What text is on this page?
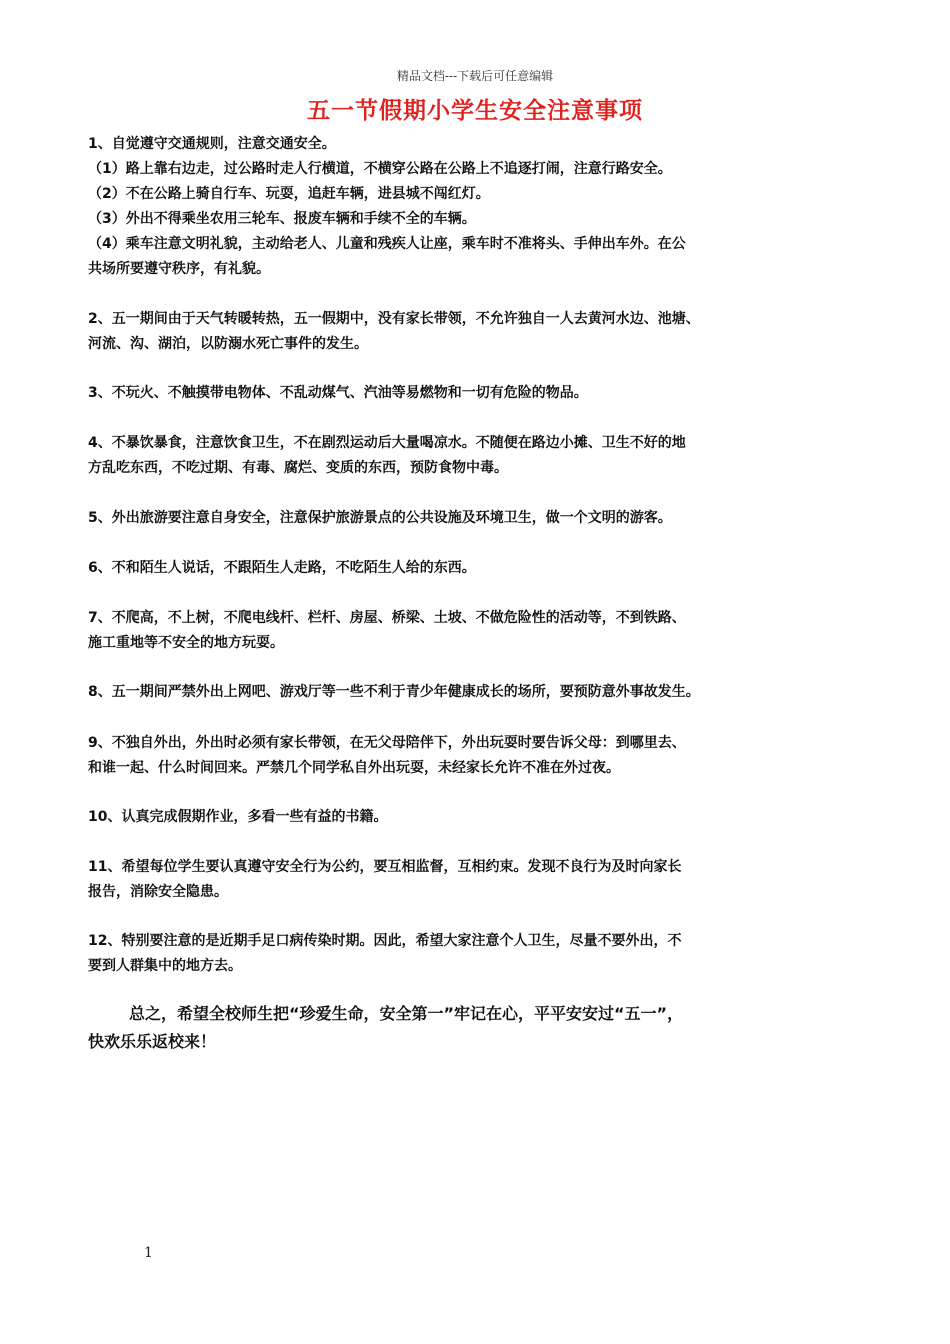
精品文档---下载后可任意编辑
五一节假期小学生安全注意事项

1、自觉遵守交通规则，注意交通安全。

（1）路上靠右边走，过公路时走人行横道，不横穿公路在公路上不追逐打闹，注意行路安全。

（2）不在公路上骑自行车、玩耍，追赶车辆，进县城不闯红灯。

（3）外出不得乘坐农用三轮车、报废车辆和手续不全的车辆。

（4）乘车注意文明礼貌，主动给老人、儿童和残疾人让座，乘车时不准将头、手伸出车外。在公

共场所要遵守秩序，有礼貌。

2、五一期间由于天气转暖转热，五一假期中，没有家长带领，不允许独自一人去黄河水边、池塘、

河流、沟、湖泊，以防溺水死亡事件的发生。

3、不玩火、不触摸带电物体、不乱动煤气、汽油等易燃物和一切有危险的物品。

4、不暴饮暴食，注意饮食卫生，不在剧烈运动后大量喝凉水。不随便在路边小摊、卫生不好的地

方乱吃东西，不吃过期、有毒、腐烂、变质的东西，预防食物中毒。

5、外出旅游要注意自身安全，注意保护旅游景点的公共设施及环境卫生，做一个文明的游客。

6、不和陌生人说话，不跟陌生人走路，不吃陌生人给的东西。

7、不爬高，不上树，不爬电线杆、栏杆、房屋、桥梁、土坡、不做危险性的活动等，不到铁路、

施工重地等不安全的地方玩耍。

8、五一期间严禁外出上网吧、游戏厅等一些不利于青少年健康成长的场所，要预防意外事故发生。

9、不独自外出，外出时必须有家长带领，在无父母陪伴下，外出玩耍时要告诉父母：到哪里去、

和谁一起、什么时间回来。严禁几个同学私自外出玩耍，未经家长允许不准在外过夜。

10、认真完成假期作业，多看一些有益的书籍。

11、希望每位学生要认真遵守安全行为公约，要互相监督，互相约束。发现不良行为及时向家长

报告，消除安全隐患。

12、特别要注意的是近期手足口病传染时期。因此，希望大家注意个人卫生，尽量不要外出，不

要到人群集中的地方去。

总之，希望全校师生把“珍爱生命，安全第一”牢记在心，平平安安过“五一”，
快欢乐乐返校来！
1
